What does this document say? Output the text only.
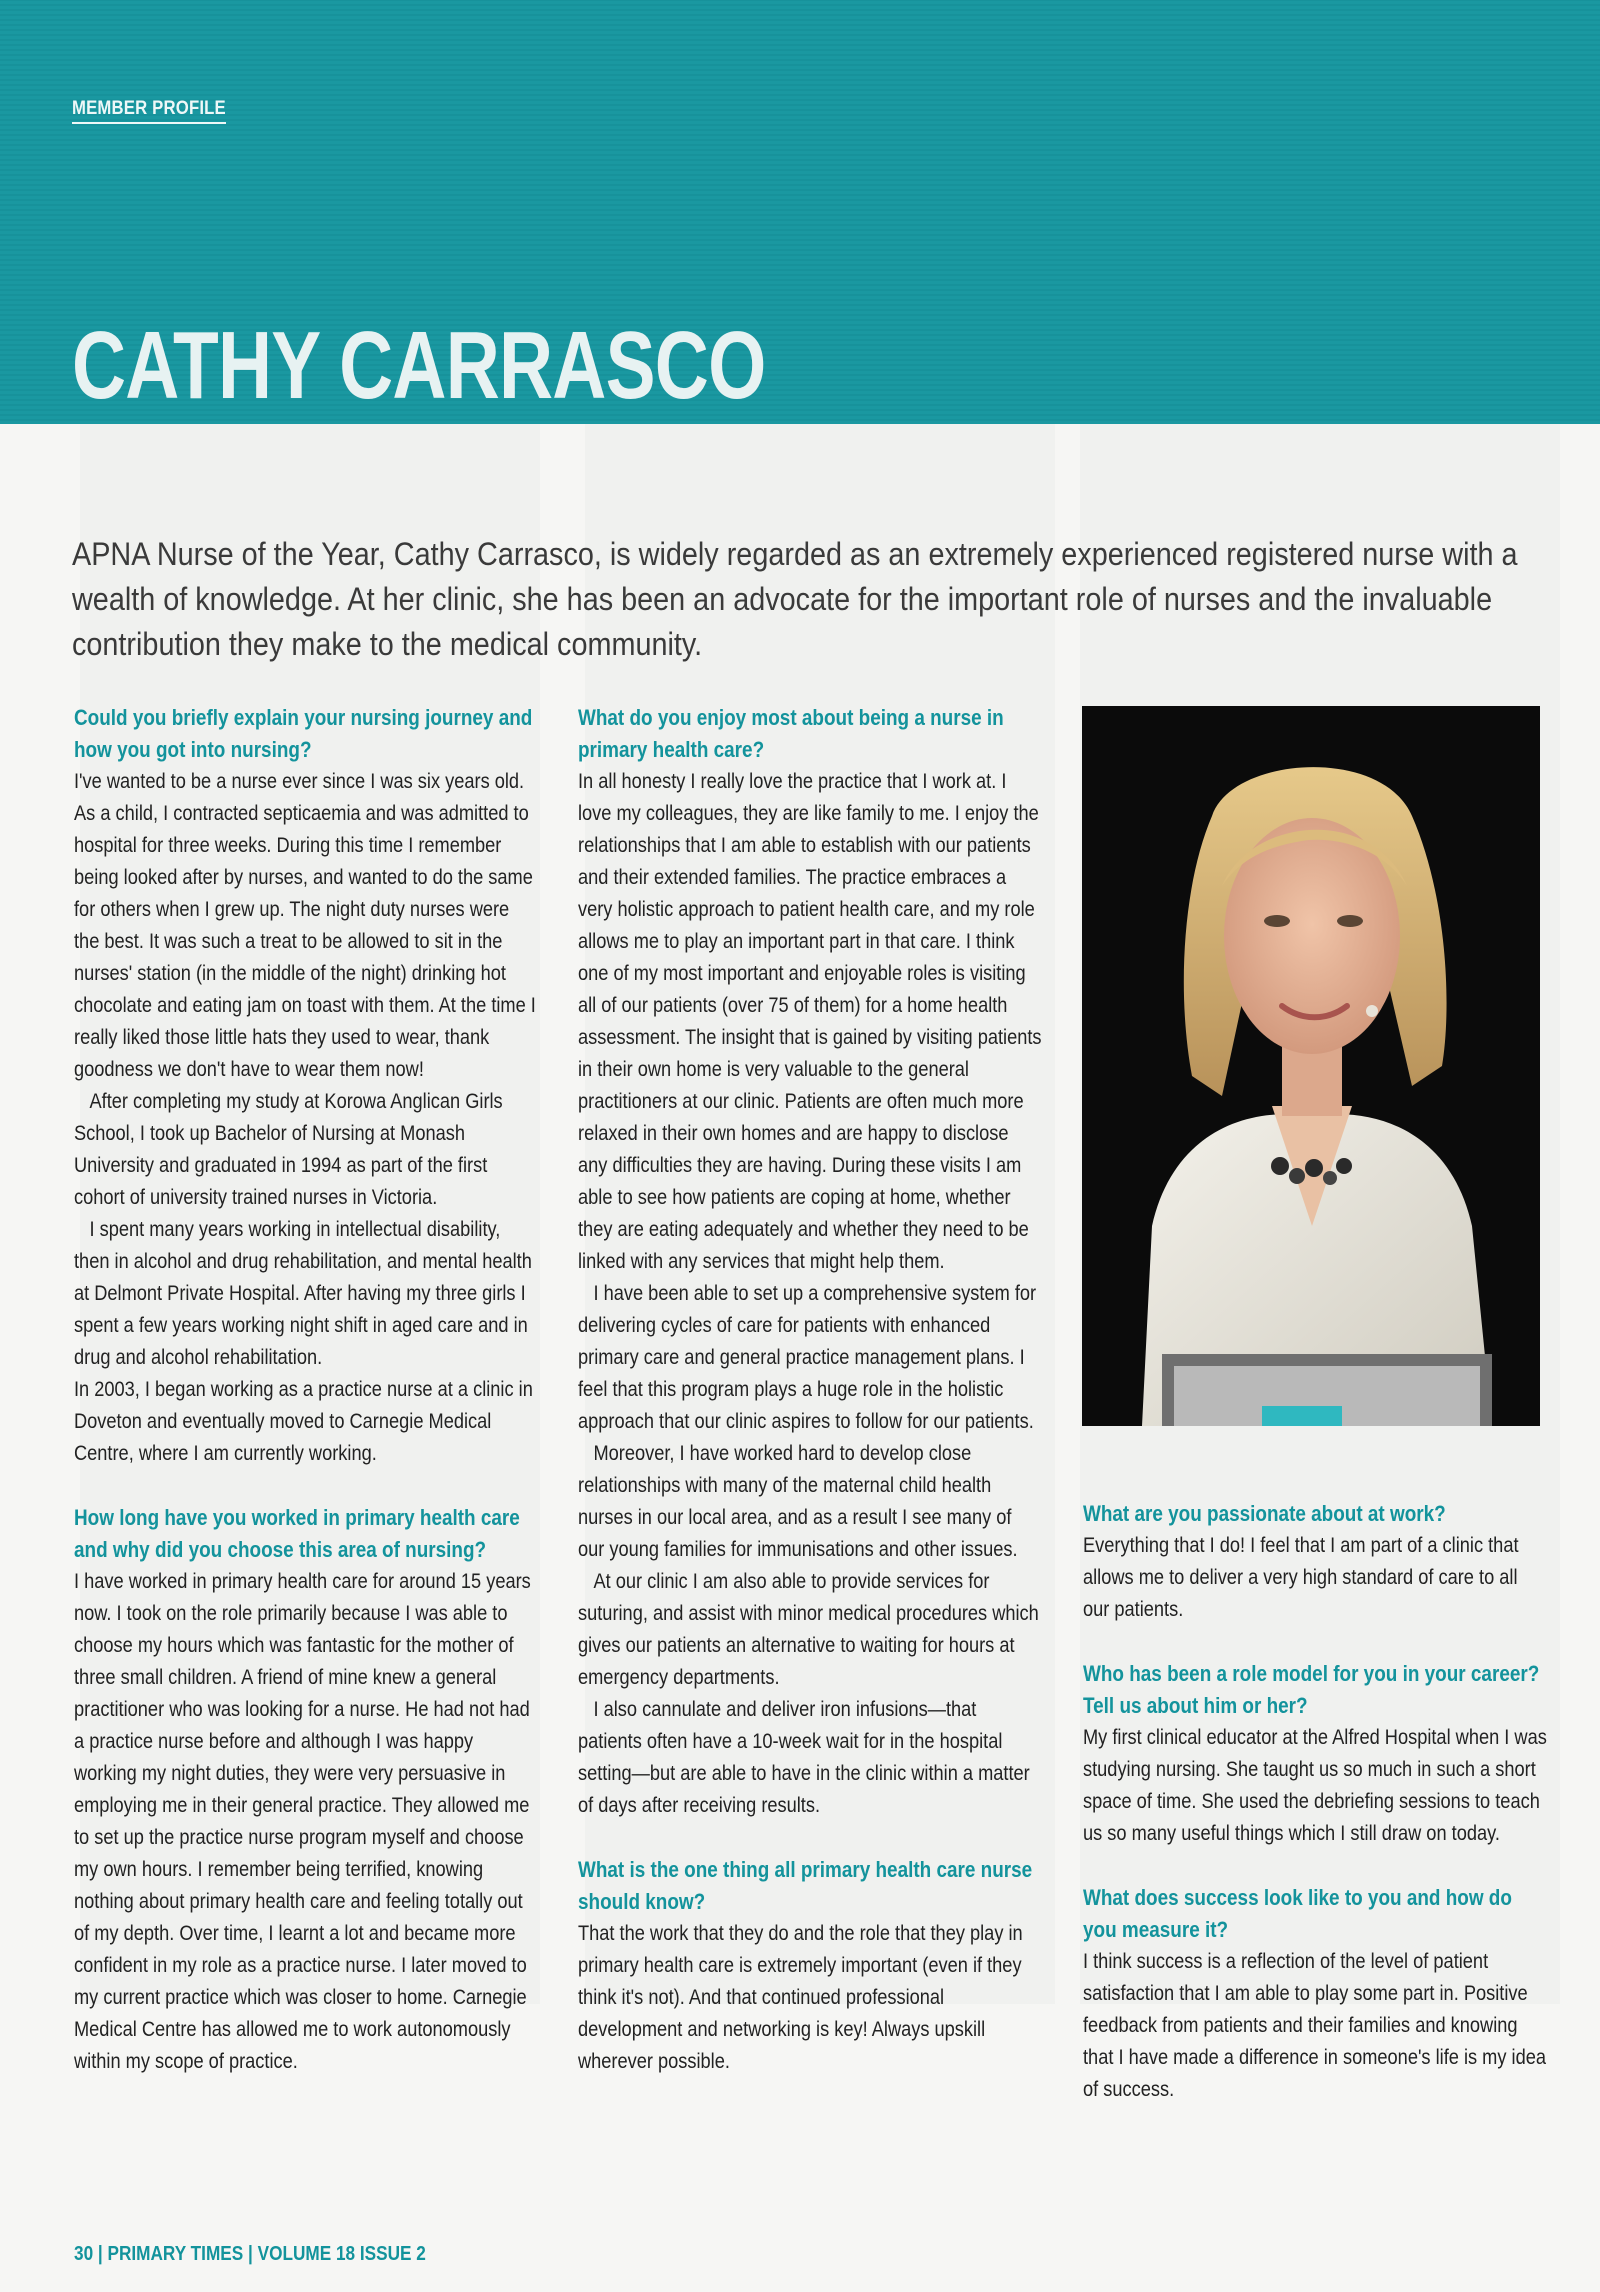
MEMBER PROFILE
CATHY CARRASCO
APNA Nurse of the Year, Cathy Carrasco, is widely regarded as an extremely experienced registered nurse with a wealth of knowledge. At her clinic, she has been an advocate for the important role of nurses and the invaluable contribution they make to the medical community.
Could you briefly explain your nursing journey and how you got into nursing?

I've wanted to be a nurse ever since I was six years old. As a child, I contracted septicaemia and was admitted to hospital for three weeks. During this time I remember being looked after by nurses, and wanted to do the same for others when I grew up. The night duty nurses were the best. It was such a treat to be allowed to sit in the nurses' station (in the middle of the night) drinking hot chocolate and eating jam on toast with them. At the time I really liked those little hats they used to wear, thank goodness we don't have to wear them now!

After completing my study at Korowa Anglican Girls School, I took up Bachelor of Nursing at Monash University and graduated in 1994 as part of the first cohort of university trained nurses in Victoria.

I spent many years working in intellectual disability, then in alcohol and drug rehabilitation, and mental health at Delmont Private Hospital. After having my three girls I spent a few years working night shift in aged care and in drug and alcohol rehabilitation.

In 2003, I began working as a practice nurse at a clinic in Doveton and eventually moved to Carnegie Medical Centre, where I am currently working.

How long have you worked in primary health care and why did you choose this area of nursing?

I have worked in primary health care for around 15 years now. I took on the role primarily because I was able to choose my hours which was fantastic for the mother of three small children. A friend of mine knew a general practitioner who was looking for a nurse. He had not had a practice nurse before and although I was happy working my night duties, they were very persuasive in employing me in their general practice. They allowed me to set up the practice nurse program myself and choose my own hours. I remember being terrified, knowing nothing about primary health care and feeling totally out of my depth. Over time, I learnt a lot and became more confident in my role as a practice nurse. I later moved to my current practice which was closer to home. Carnegie Medical Centre has allowed me to work autonomously within my scope of practice.

What do you enjoy most about being a nurse in primary health care?

In all honesty I really love the practice that I work at. I love my colleagues, they are like family to me. I enjoy the relationships that I am able to establish with our patients and their extended families. The practice embraces a very holistic approach to patient health care, and my role allows me to play an important part in that care. I think one of my most important and enjoyable roles is visiting all of our patients (over 75 of them) for a home health assessment. The insight that is gained by visiting patients in their own home is very valuable to the general practitioners at our clinic. Patients are often much more relaxed in their own homes and are happy to disclose any difficulties they are having. During these visits I am able to see how patients are coping at home, whether they are eating adequately and whether they need to be linked with any services that might help them.

I have been able to set up a comprehensive system for delivering cycles of care for patients with enhanced primary care and general practice management plans. I feel that this program plays a huge role in the holistic approach that our clinic aspires to follow for our patients.

Moreover, I have worked hard to develop close relationships with many of the maternal child health nurses in our local area, and as a result I see many of our young families for immunisations and other issues.

At our clinic I am also able to provide services for suturing, and assist with minor medical procedures which gives our patients an alternative to waiting for hours at emergency departments.

I also cannulate and deliver iron infusions—that patients often have a 10-week wait for in the hospital setting—but are able to have in the clinic within a matter of days after receiving results.

What is the one thing all primary health care nurse should know?

That the work that they do and the role that they play in primary health care is extremely important (even if they think it's not). And that continued professional development and networking is key! Always upskill wherever possible.

What are you passionate about at work?

Everything that I do! I feel that I am part of a clinic that allows me to deliver a very high standard of care to all our patients.

Who has been a role model for you in your career? Tell us about him or her?

My first clinical educator at the Alfred Hospital when I was studying nursing. She taught us so much in such a short space of time. She used the debriefing sessions to teach us so many useful things which I still draw on today.

What does success look like to you and how do you measure it?

I think success is a reflection of the level of patient satisfaction that I am able to play some part in. Positive feedback from patients and their families and knowing that I have made a difference in someone's life is my idea of success.

30 | PRIMARY TIMES | VOLUME 18 ISSUE 2
